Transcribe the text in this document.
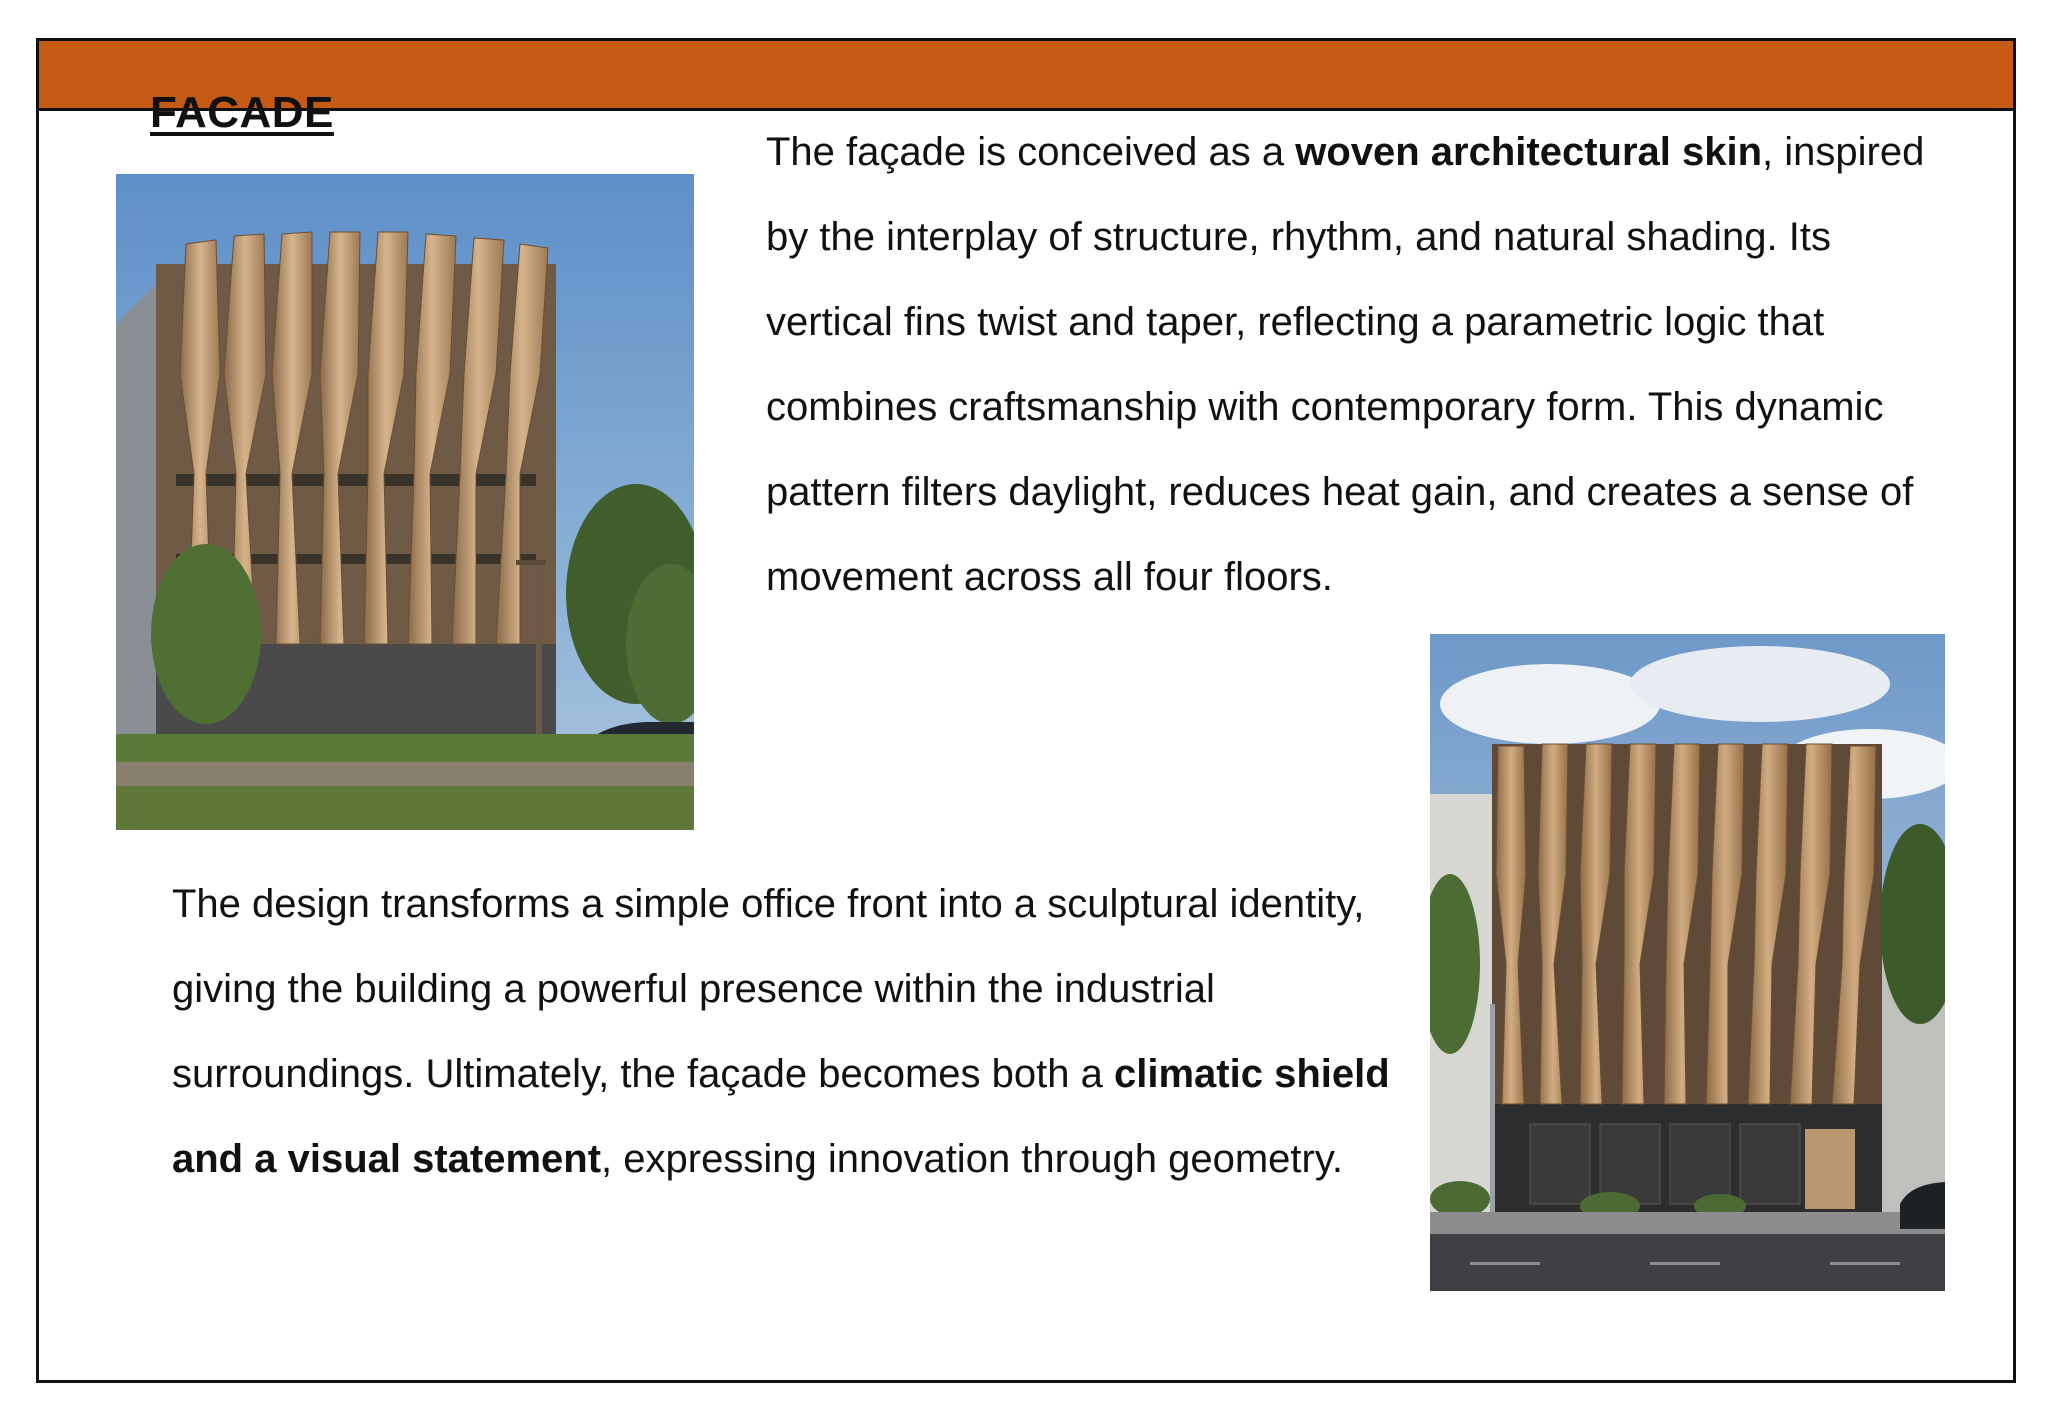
FACADE

The façade is conceived as a woven architectural skin, inspired by the interplay of structure, rhythm, and natural shading. Its vertical fins twist and taper, reflecting a parametric logic that combines craftsmanship with contemporary form. This dynamic pattern filters daylight, reduces heat gain, and creates a sense of movement across all four floors.

The design transforms a simple office front into a sculptural identity, giving the building a powerful presence within the industrial surroundings. Ultimately, the façade becomes both a climatic shield and a visual statement, expressing innovation through geometry.
